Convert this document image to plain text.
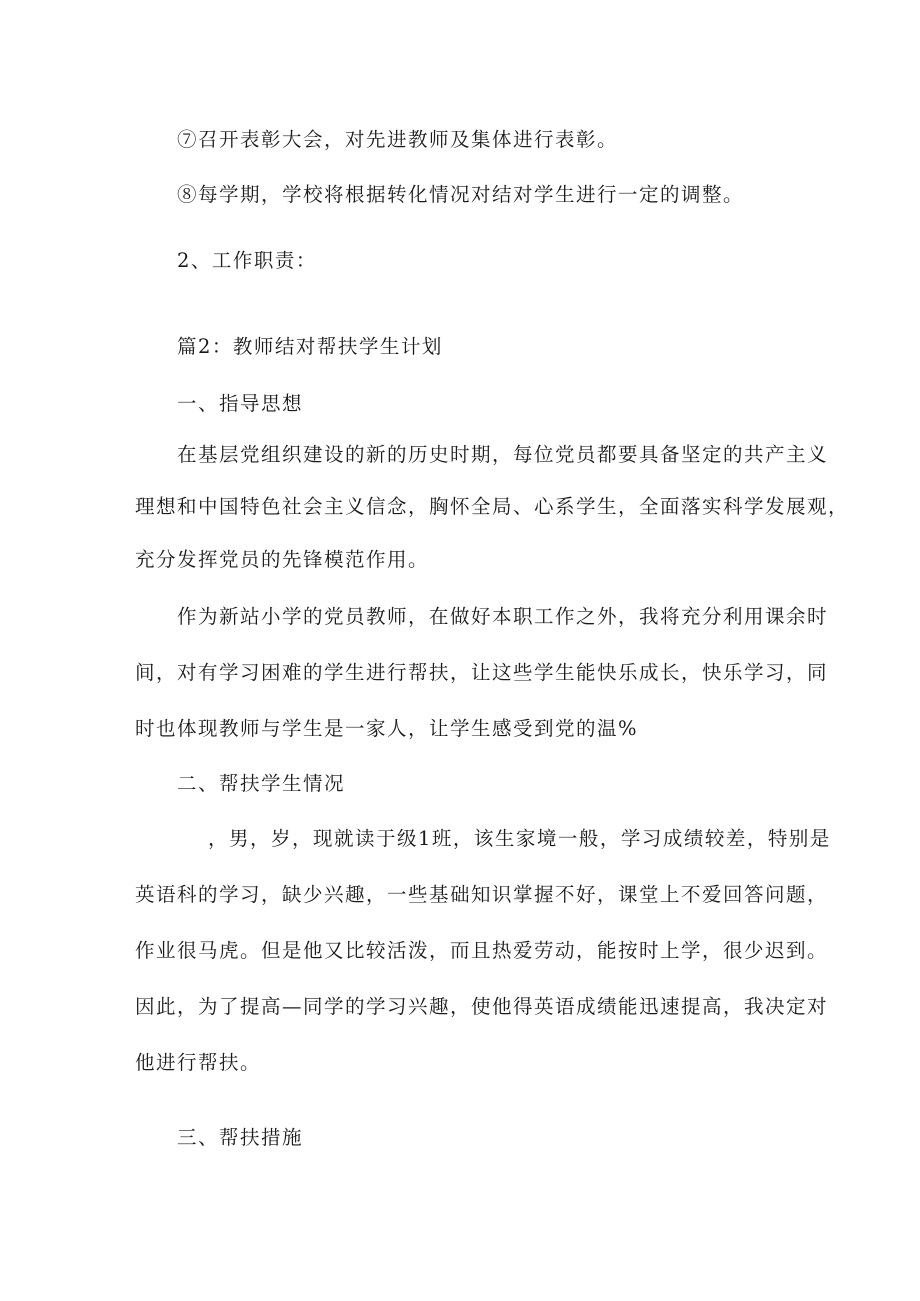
⑦召开表彰大会，对先进教师及集体进行表彰。
⑧每学期，学校将根据转化情况对结对学生进行一定的调整。
2、工作职责：
篇2：教师结对帮扶学生计划
一、指导思想
在基层党组织建设的新的历史时期，每位党员都要具备坚定的共产主义
理想和中国特色社会主义信念，胸怀全局、心系学生，全面落实科学发展观，
充分发挥党员的先锋模范作用。
作为新站小学的党员教师，在做好本职工作之外，我将充分利用课余时
间，对有学习困难的学生进行帮扶，让这些学生能快乐成长，快乐学习，同
时也体现教师与学生是一家人，让学生感受到党的温%
二、帮扶学生情况
，男，岁，现就读于级1班，该生家境一般，学习成绩较差，特别是
英语科的学习，缺少兴趣，一些基础知识掌握不好，课堂上不爱回答问题，
作业很马虎。但是他又比较活泼，而且热爱劳动，能按时上学，很少迟到。
因此，为了提高—同学的学习兴趣，使他得英语成绩能迅速提高，我决定对
他进行帮扶。
三、帮扶措施
